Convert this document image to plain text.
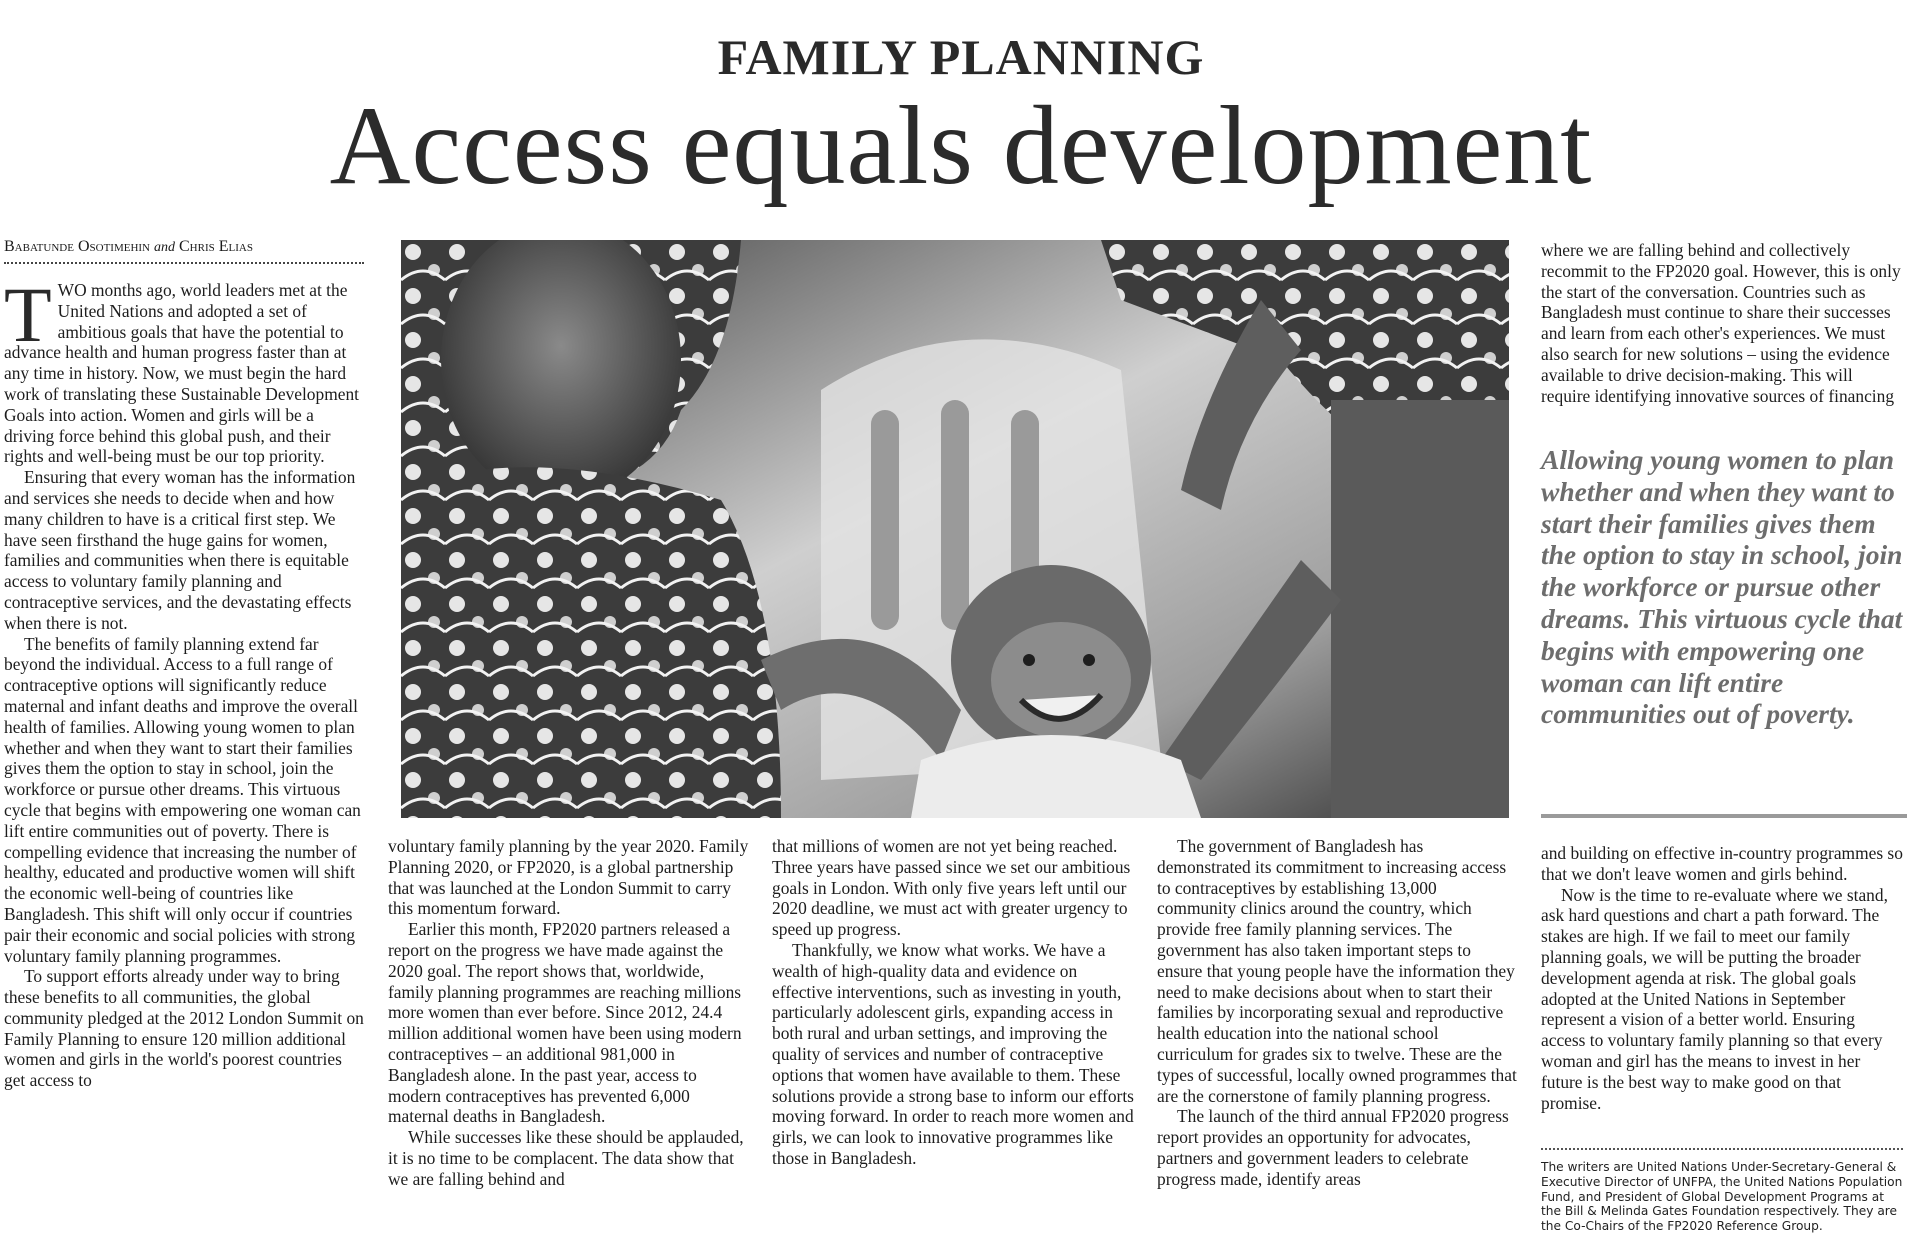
FAMILY PLANNING
Access equals development
Babatunde Osotimehin and Chris Elias

TWO months ago, world leaders met at the United Nations and adopted a set of ambitious goals that have the potential to advance health and human progress faster than at any time in history. Now, we must begin the hard work of translating these Sustainable Development Goals into action. Women and girls will be a driving force behind this global push, and their rights and well-being must be our top priority.

Ensuring that every woman has the information and services she needs to decide when and how many children to have is a critical first step. We have seen firsthand the huge gains for women, families and communities when there is equitable access to voluntary family planning and contraceptive services, and the devastating effects when there is not.

The benefits of family planning extend far beyond the individual. Access to a full range of contraceptive options will significantly reduce maternal and infant deaths and improve the overall health of families. Allowing young women to plan whether and when they want to start their families gives them the option to stay in school, join the workforce or pursue other dreams. This virtuous cycle that begins with empowering one woman can lift entire communities out of poverty. There is compelling evidence that increasing the number of healthy, educated and productive women will shift the economic well-being of countries like Bangladesh. This shift will only occur if countries pair their economic and social policies with strong voluntary family planning programmes.

To support efforts already under way to bring these benefits to all communities, the global community pledged at the 2012 London Summit on Family Planning to ensure 120 million additional women and girls in the world's poorest countries get access to

voluntary family planning by the year 2020. Family Planning 2020, or FP2020, is a global partnership that was launched at the London Summit to carry this momentum forward.

Earlier this month, FP2020 partners released a report on the progress we have made against the 2020 goal. The report shows that, worldwide, family planning programmes are reaching millions more women than ever before. Since 2012, 24.4 million additional women have been using modern contraceptives – an additional 981,000 in Bangladesh alone. In the past year, access to modern contraceptives has prevented 6,000 maternal deaths in Bangladesh.

While successes like these should be applauded, it is no time to be complacent. The data show that we are falling behind and

that millions of women are not yet being reached. Three years have passed since we set our ambitious goals in London. With only five years left until our 2020 deadline, we must act with greater urgency to speed up progress.

Thankfully, we know what works. We have a wealth of high-quality data and evidence on effective interventions, such as investing in youth, particularly adolescent girls, expanding access in both rural and urban settings, and improving the quality of services and number of contraceptive options that women have available to them. These solutions provide a strong base to inform our efforts moving forward. In order to reach more women and girls, we can look to innovative programmes like those in Bangladesh.

The government of Bangladesh has demonstrated its commitment to increasing access to contraceptives by establishing 13,000 community clinics around the country, which provide free family planning services. The government has also taken important steps to ensure that young people have the information they need to make decisions about when to start their families by incorporating sexual and reproductive health education into the national school curriculum for grades six to twelve. These are the types of successful, locally owned programmes that are the cornerstone of family planning progress.

The launch of the third annual FP2020 progress report provides an opportunity for advocates, partners and government leaders to celebrate progress made, identify areas

where we are falling behind and collectively recommit to the FP2020 goal. However, this is only the start of the conversation. Countries such as Bangladesh must continue to share their successes and learn from each other's experiences. We must also search for new solutions – using the evidence available to drive decision-making. This will require identifying innovative sources of financing

Allowing young women to plan whether and when they want to start their families gives them the option to stay in school, join the workforce or pursue other dreams. This virtuous cycle that begins with empowering one woman can lift entire communities out of poverty.

and building on effective in-country programmes so that we don't leave women and girls behind.

Now is the time to re-evaluate where we stand, ask hard questions and chart a path forward. The stakes are high. If we fail to meet our family planning goals, we will be putting the broader development agenda at risk. The global goals adopted at the United Nations in September represent a vision of a better world. Ensuring access to voluntary family planning so that every woman and girl has the means to invest in her future is the best way to make good on that promise.

The writers are United Nations Under-Secretary-General & Executive Director of UNFPA, the United Nations Population Fund, and President of Global Development Programs at the Bill & Melinda Gates Foundation respectively. They are the Co-Chairs of the FP2020 Reference Group.
